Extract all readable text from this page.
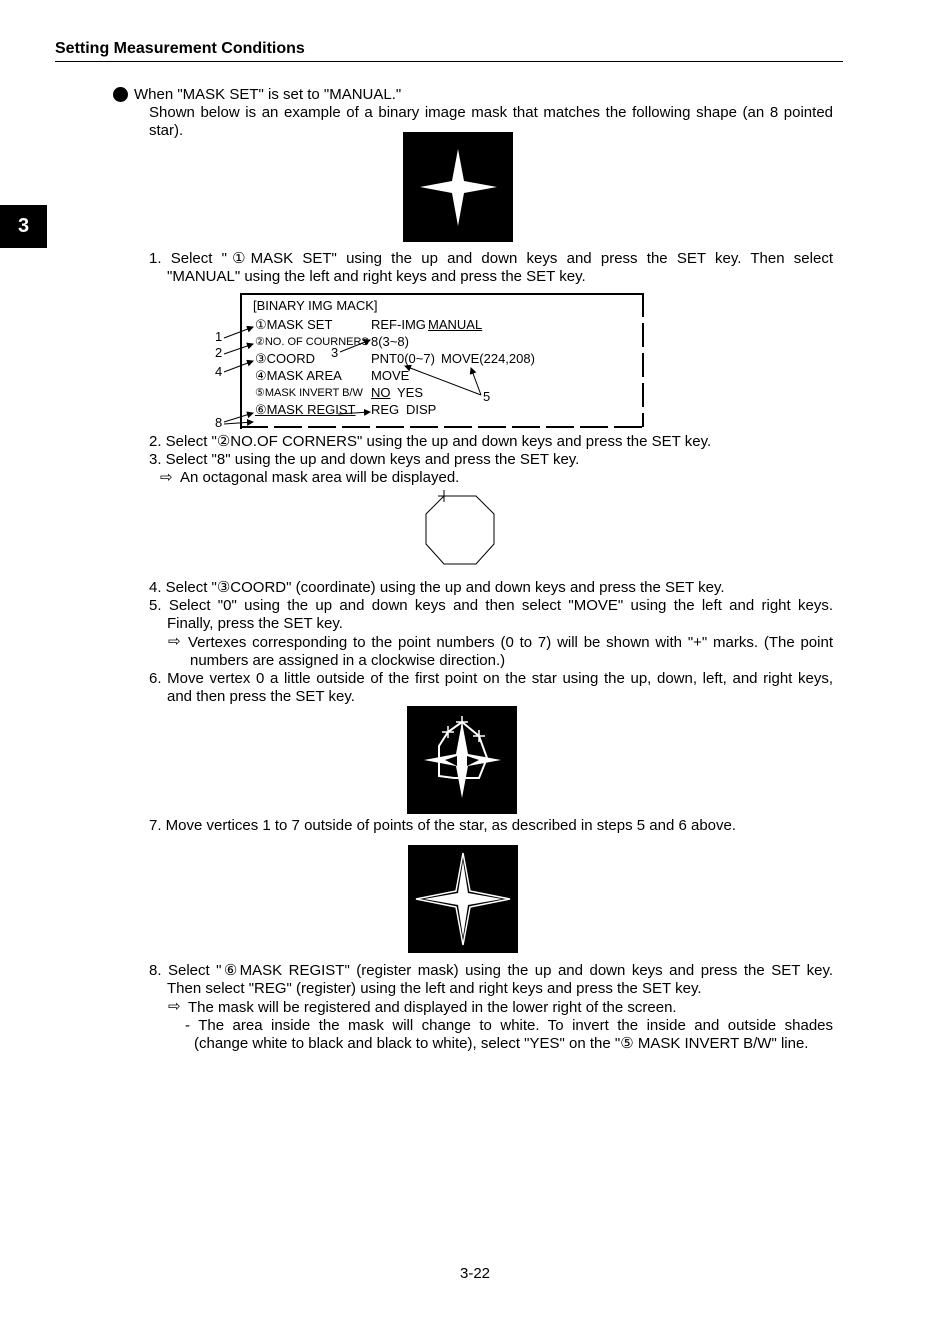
Setting Measurement Conditions
3
When "MASK SET" is set to "MANUAL."
Shown below is an example of a binary image mask that matches the following shape (an 8 pointed
star).
1. Select "①MASK SET" using the up and down keys and press the SET key. Then select
"MANUAL" using the left and right keys and press the SET key.
[BINARY IMG MACK]
①MASK SET	REF-IMG MANUAL
②NO. OF COURNERS 8(3~8)
③COORD	PNT0(0~7) MOVE(224,208)
④MASK AREA MOVE
⑤MASK INVERT B/W NO YES
⑥MASK REGIST REG DISP
1
2
4
8
3
5
2. Select "②NO.OF CORNERS" using the up and down keys and press the SET key.
3. Select "8" using the up and down keys and press the SET key.
⇨ An octagonal mask area will be displayed.
4. Select "③COORD" (coordinate) using the up and down keys and press the SET key.
5. Select "0" using the up and down keys and then select "MOVE" using the left and right keys.
Finally, press the SET key.
⇨ Vertexes corresponding to the point numbers (0 to 7) will be shown with "+" marks. (The point
numbers are assigned in a clockwise direction.)
6. Move vertex 0 a little outside of the first point on the star using the up, down, left, and right keys,
and then press the SET key.
7. Move vertices 1 to 7 outside of points of the star, as described in steps 5 and 6 above.
8. Select "⑥MASK REGIST" (register mask) using the up and down keys and press the SET key.
Then select "REG" (register) using the left and right keys and press the SET key.
⇨ The mask will be registered and displayed in the lower right of the screen.
- The area inside the mask will change to white. To invert the inside and outside shades
(change white to black and black to white), select "YES" on the "⑤ MASK INVERT B/W" line.
3-22
